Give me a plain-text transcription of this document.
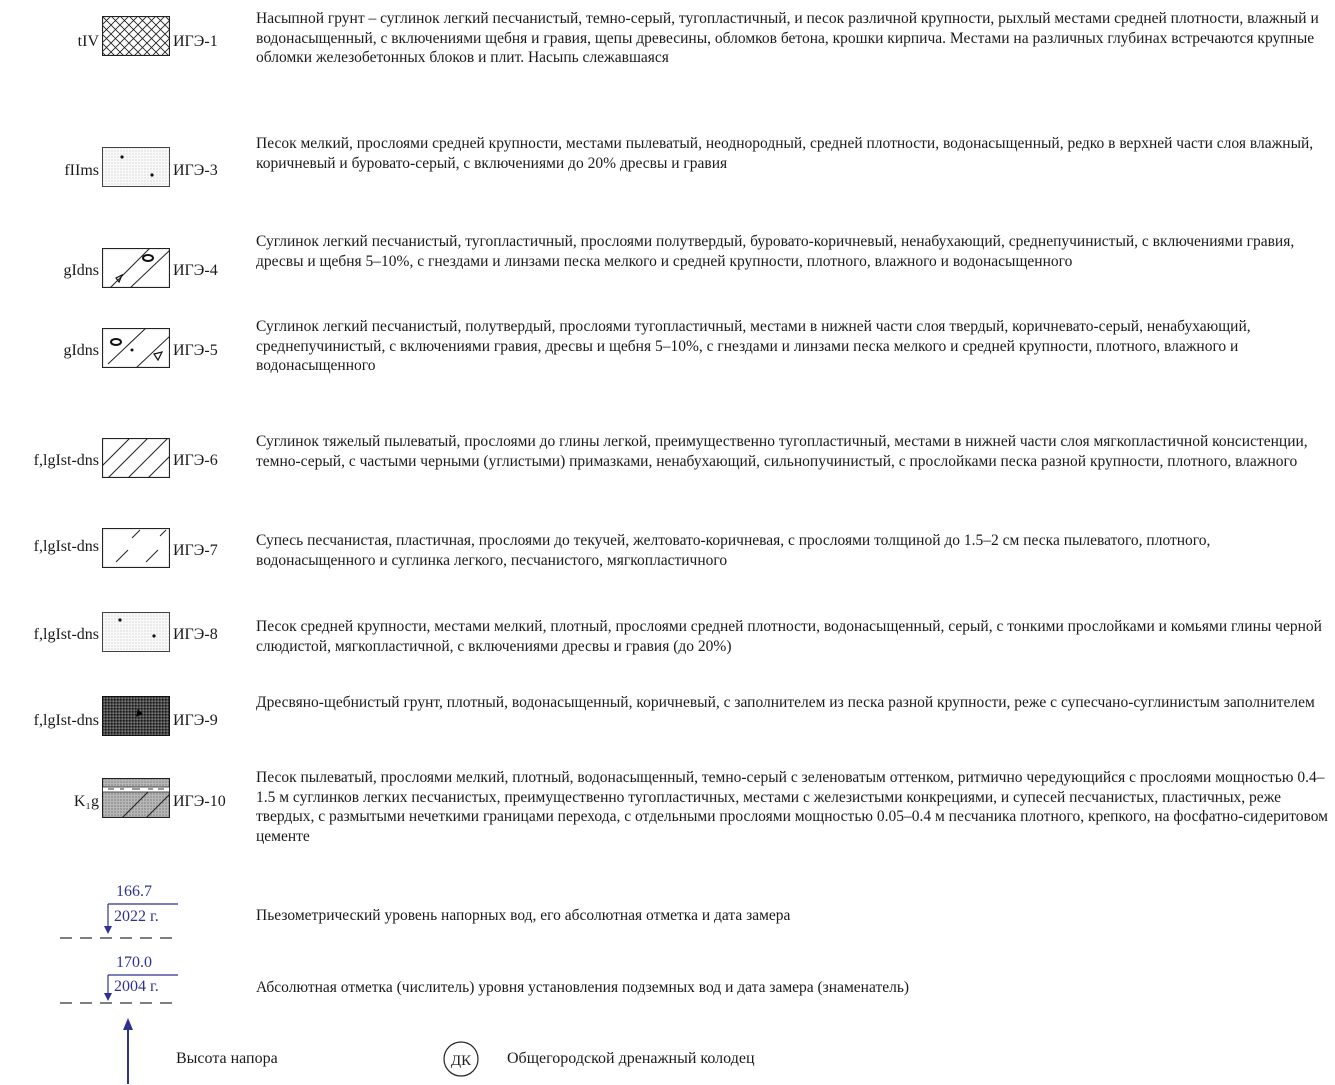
tIV	ИГЭ-1
Насыпной грунт – суглинок легкий песчанистый, темно-серый, тугопластичный, и песок различной крупности, рыхлый местами средней плотности, влажный и водонасыщенный, с включениями щебня и гравия, щепы древесины, обломков бетона, крошки кирпича. Местами на различных глубинах встречаются крупные обломки железобетонных блоков и плит. Насыпь слежавшаяся
fIIms	ИГЭ-3
Песок мелкий, прослоями средней крупности, местами пылеватый, неоднородный, средней плотности, водонасыщенный, редко в верхней части слоя влажный, коричневый и буровато-серый, с включениями до 20% дресвы и гравия
gIdns	ИГЭ-4
Суглинок легкий песчанистый, тугопластичный, прослоями полутвердый, буровато-коричневый, ненабухающий, среднепучинистый, с включениями гравия, дресвы и щебня 5–10%, с гнездами и линзами песка мелкого и средней крупности, плотного, влажного и водонасыщенного
gIdns	ИГЭ-5
Суглинок легкий песчанистый, полутвердый, прослоями тугопластичный, местами в нижней части слоя твердый, коричневато-серый, ненабухающий, среднепучинистый, с включениями гравия, дресвы и щебня 5–10%, с гнездами и линзами песка мелкого и средней крупности, плотного, влажного и водонасыщенного
f,lgIst-dns	ИГЭ-6
Суглинок тяжелый пылеватый, прослоями до глины легкой, преимущественно тугопластичный, местами в нижней части слоя мягкопластичной консистенции, темно-серый, с частыми черными (углистыми) примазками, ненабухающий, сильнопучинистый, с прослойками песка разной крупности, плотного, влажного
f,lgIst-dns	ИГЭ-7
Супесь песчанистая, пластичная, прослоями до текучей, желтовато-коричневая, с прослоями толщиной до 1.5–2 см песка пылеватого, плотного, водонасыщенного и суглинка легкого, песчанистого, мягкопластичного
f,lgIst-dns	ИГЭ-8 Песок средней крупности, местами мелкий, плотный, прослоями средней плотности, водонасыщенный, серый, с тонкими прослойками и комьями глины черной слюдистой, мягкопластичной, с включениями дресвы и гравия (до 20%)
f,lgIst-dns	ИГЭ-9
Дресвяно-щебнистый грунт, плотный, водонасыщенный, коричневый, с заполнителем из песка разной крупности, реже с супесчано-суглинистым заполнителем
K₁g	ИГЭ-10
Песок пылеватый, прослоями мелкий, плотный, водонасыщенный, темно-серый с зеленоватым оттенком, ритмично чередующийся с прослоями мощностью 0.4–1.5 м суглинков легких песчанистых, преимущественно тугопластичных, местами с железистыми конкрециями, и супесей песчанистых, пластичных, реже твердых, с размытыми нечеткими границами перехода, с отдельными прослоями мощностью 0.05–0.4 м песчаника плотного, крепкого, на фосфатно-сидеритовом цементе
166.7
2022 г.	Пьезометрический уровень напорных вод, его абсолютная отметка и дата замера
170.0
2004 г.	Абсолютная отметка (числитель) уровня установления подземных вод и дата замера (знаменатель)
Высота напора	ДК Общегородской дренажный колодец
